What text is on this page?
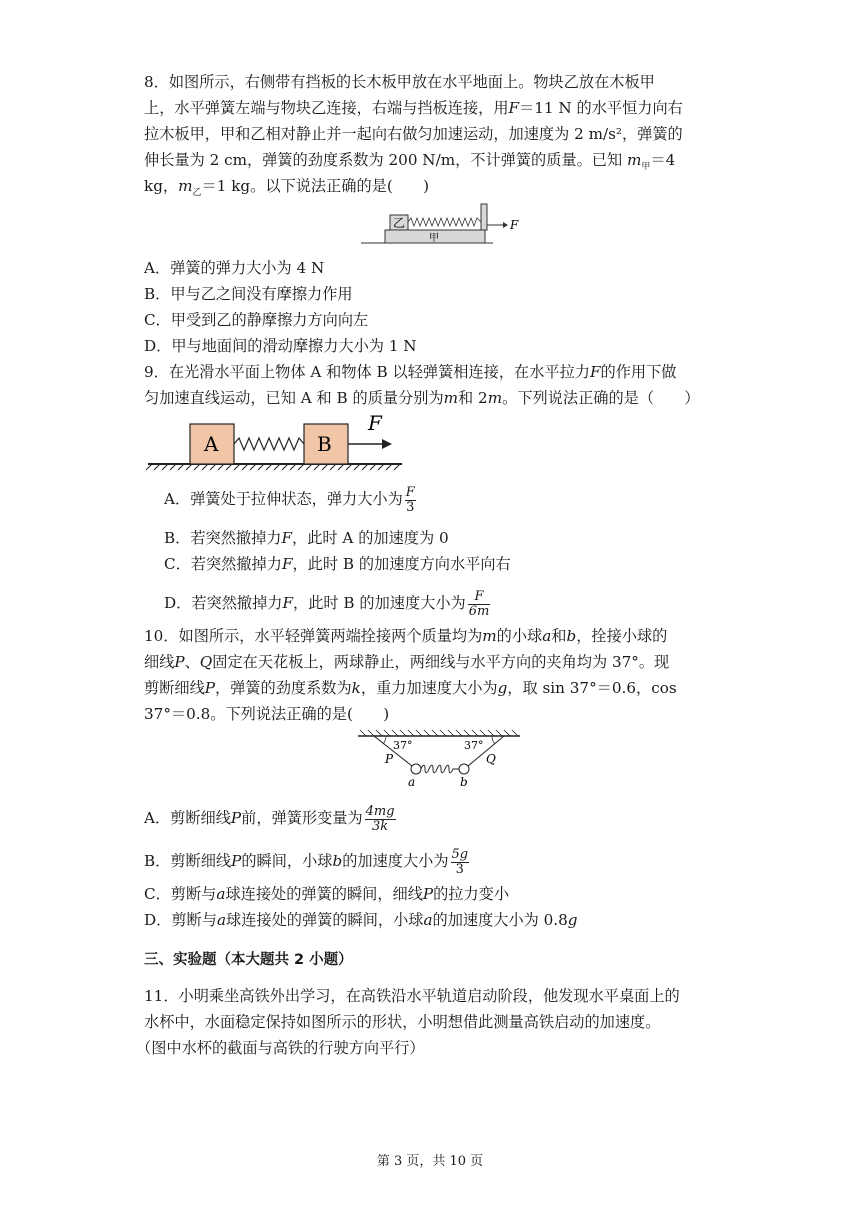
8．如图所示，右侧带有挡板的长木板甲放在水平地面上。物块乙放在木板甲
上，水平弹簧左端与物块乙连接，右端与挡板连接，用F＝11 N 的水平恒力向右
拉木板甲，甲和乙相对静止并一起向右做匀加速运动，加速度为 2 m/s²，弹簧的
伸长量为 2 cm，弹簧的劲度系数为 200 N/m，不计弹簧的质量。已知 $m_甲=4$
kg，$m_乙=1$ kg。以下说法正确的是(　　)
乙
甲
F
A．弹簧的弹力大小为 4 N
B．甲与乙之间没有摩擦力作用
C．甲受到乙的静摩擦力方向向左
D．甲与地面间的滑动摩擦力大小为 1 N
9．在光滑水平面上物体 A 和物体 B 以轻弹簧相连接，在水平拉力F的作用下做
匀加速直线运动，已知 A 和 B 的质量分别为m和 2m。下列说法正确的是（　　）
A	B
F
A．弹簧处于拉伸状态，弹力大小为 $\frac{F}{3}$
B．若突然撤掉力F，此时 A 的加速度为 0
C．若突然撤掉力F，此时 B 的加速度方向水平向右
D．若突然撤掉力F，此时 B 的加速度大小为 $\frac{F}{6m}$
10．如图所示，水平轻弹簧两端拴接两个质量均为m的小球a和b，拴接小球的
细线P、Q固定在天花板上，两球静止，两细线与水平方向的夹角均为 37°。现
剪断细线P，弹簧的劲度系数为k，重力加速度大小为g，取 sin 37°＝0.6，cos
37°＝0.8。下列说法正确的是(　　)
37°	37°
P	Q
a	b
A．剪断细线P前，弹簧形变量为 $\frac{4mg}{3k}$
B．剪断细线P的瞬间，小球b的加速度大小为 $\frac{5g}{3}$
C．剪断与a球连接处的弹簧的瞬间，细线P的拉力变小
D．剪断与a球连接处的弹簧的瞬间，小球a的加速度大小为 0.8g
三、实验题（本大题共 2 小题）
11．小明乘坐高铁外出学习，在高铁沿水平轨道启动阶段，他发现水平桌面上的
水杯中，水面稳定保持如图所示的形状，小明想借此测量高铁启动的加速度。
（图中水杯的截面与高铁的行驶方向平行）
第 3 页，共 10 页
